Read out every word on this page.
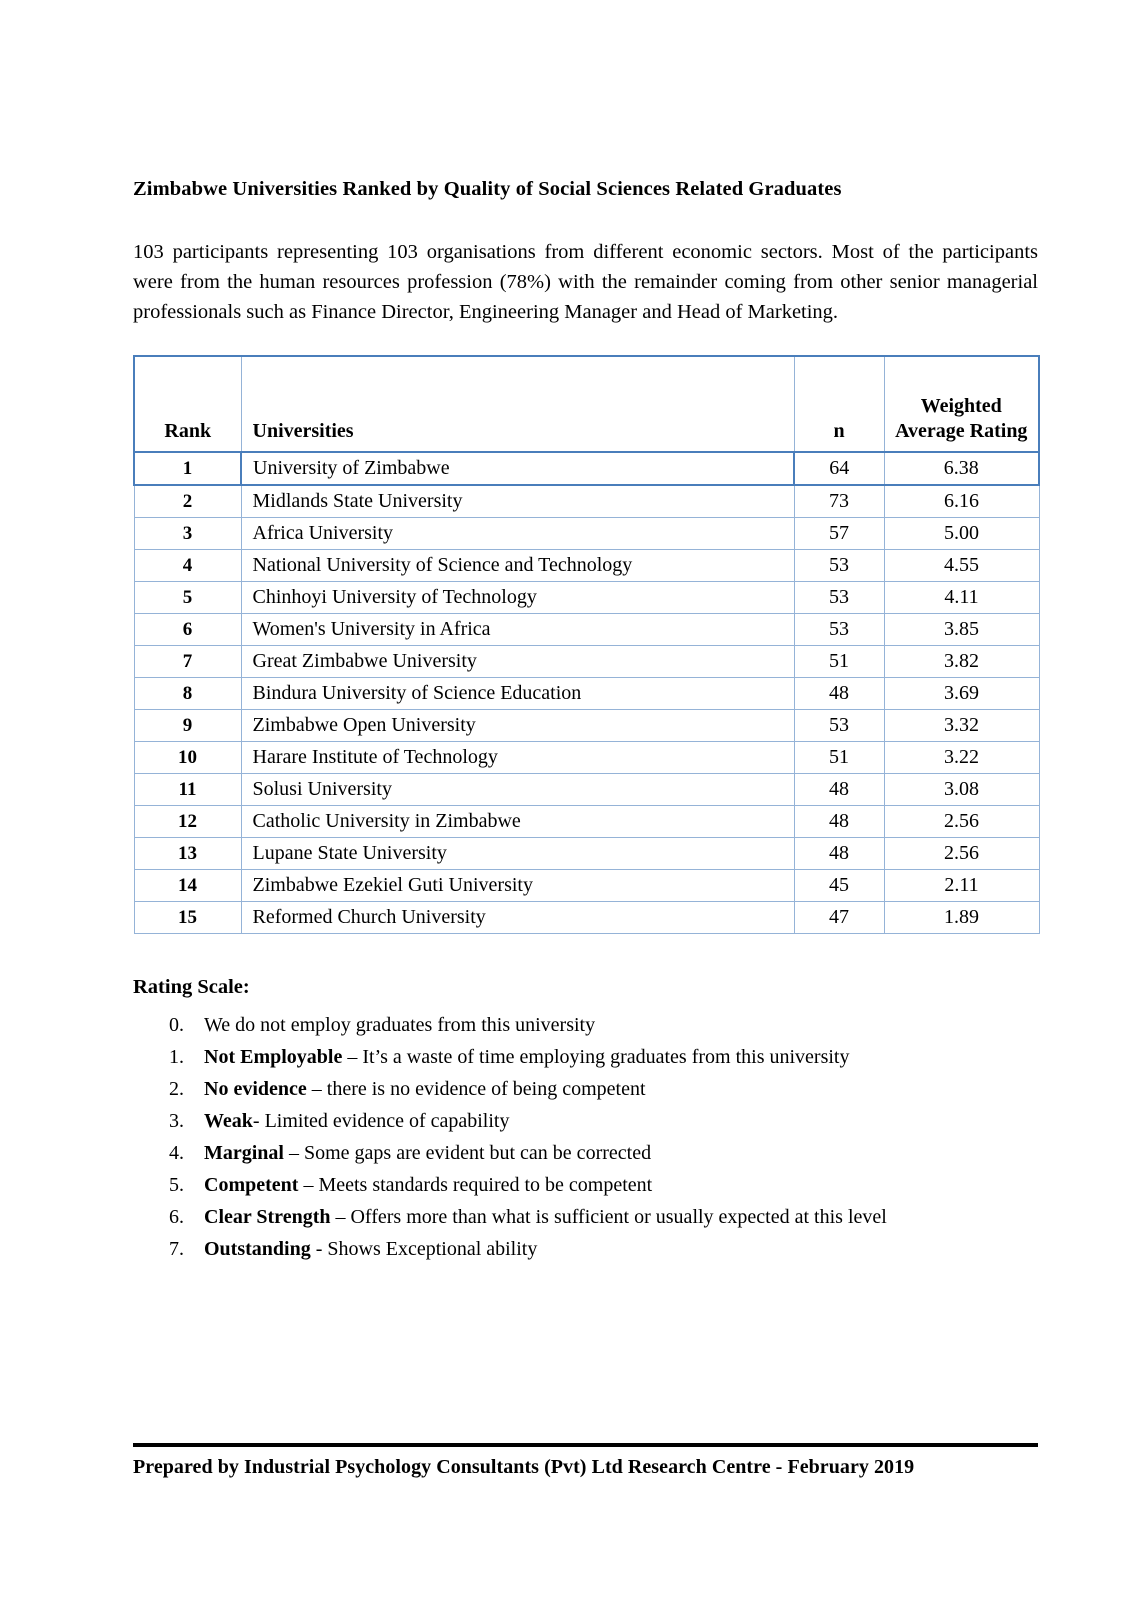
Zimbabwe Universities Ranked by Quality of Social Sciences Related Graduates

103 participants representing 103 organisations from different economic sectors. Most of the participants were from the human resources profession (78%) with the remainder coming from other senior managerial professionals such as Finance Director, Engineering Manager and Head of Marketing.

Rank	Universities	n	Weighted Average Rating
1	University of Zimbabwe	64	6.38
2	Midlands State University	73	6.16
3	Africa University	57	5.00
4	National University of Science and Technology	53	4.55
5	Chinhoyi University of Technology	53	4.11
6	Women's University in Africa	53	3.85
7	Great Zimbabwe University	51	3.82
8	Bindura University of Science Education	48	3.69
9	Zimbabwe Open University	53	3.32
10	Harare Institute of Technology	51	3.22
11	Solusi University	48	3.08
12	Catholic University in Zimbabwe	48	2.56
13	Lupane State University	48	2.56
14	Zimbabwe Ezekiel Guti University	45	2.11
15	Reformed Church University	47	1.89
Rating Scale:
0.	We do not employ graduates from this university
1.	Not Employable – It’s a waste of time employing graduates from this university
2.	No evidence – there is no evidence of being competent
3.	Weak- Limited evidence of capability
4.	Marginal – Some gaps are evident but can be corrected
5.	Competent – Meets standards required to be competent
6.	Clear Strength – Offers more than what is sufficient or usually expected at this level
7.	Outstanding - Shows Exceptional ability
Prepared by Industrial Psychology Consultants (Pvt) Ltd Research Centre - February 2019
